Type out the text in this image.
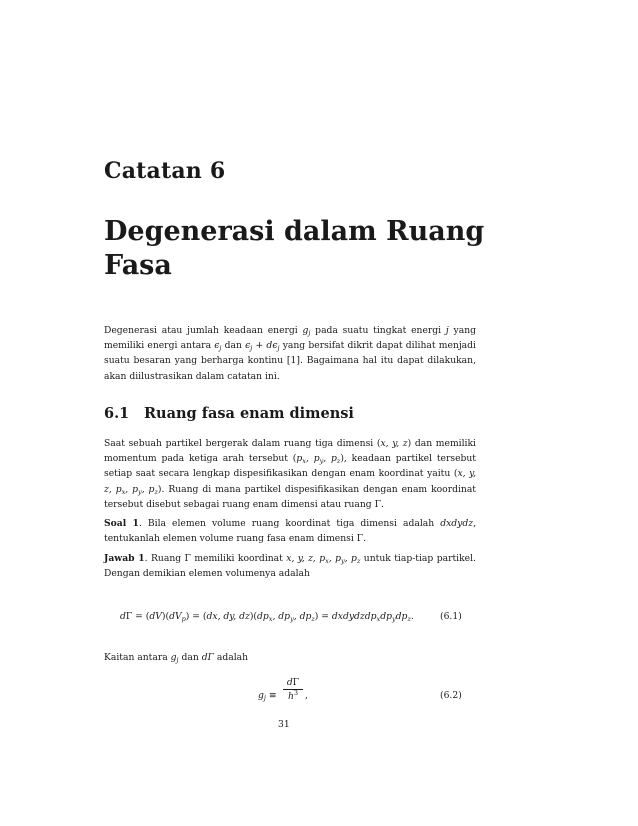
Catatan 6
Degenerasi dalam Ruang Fasa

Degenerasi atau jumlah keadaan energi $g_j$ pada suatu tingkat energi j yang memiliki energi antara $\epsilon_j$ dan $\epsilon_j + d\epsilon_j$ yang bersifat dikrit dapat dilihat menjadi suatu besaran yang berharga kontinu [1]. Bagaimana hal itu dapat dilakukan, akan diilustrasikan dalam catatan ini.

6.1 Ruang fasa enam dimensi

Saat sebuah partikel bergerak dalam ruang tiga dimensi (x, y, z) dan memiliki momentum pada ketiga arah tersebut ($p_x$, $p_y$, $p_z$), keadaan partikel tersebut setiap saat secara lengkap dispesifikasikan dengan enam koordinat yaitu (x, y, z, $p_x$, $p_y$, $p_z$). Ruang di mana partikel dispesifikasikan dengan enam koordinat tersebut disebut sebagai ruang enam dimensi atau ruang Γ.

Soal 1. Bila elemen volume ruang koordinat tiga dimensi adalah dxdydz, tentukanlah elemen volume ruang fasa enam dimensi Γ.

Jawab 1. Ruang Γ memiliki koordinat x, y, z, $p_x$, $p_y$, $p_z$ untuk tiap-tiap partikel. Dengan demikian elemen volumenya adalah

$d\Gamma = (dV)(dV_p) = (dx$, dy, $dz)(dp_x$, $dp_y$, $dp_z$) = $dxdydzdp_xdp_ydp_z$.	(6.1)

Kaitan antara $g_j$ dan dΓ adalah

$g_j$ ≡
dΓ
$h^3$ ,	(6.2)
31
